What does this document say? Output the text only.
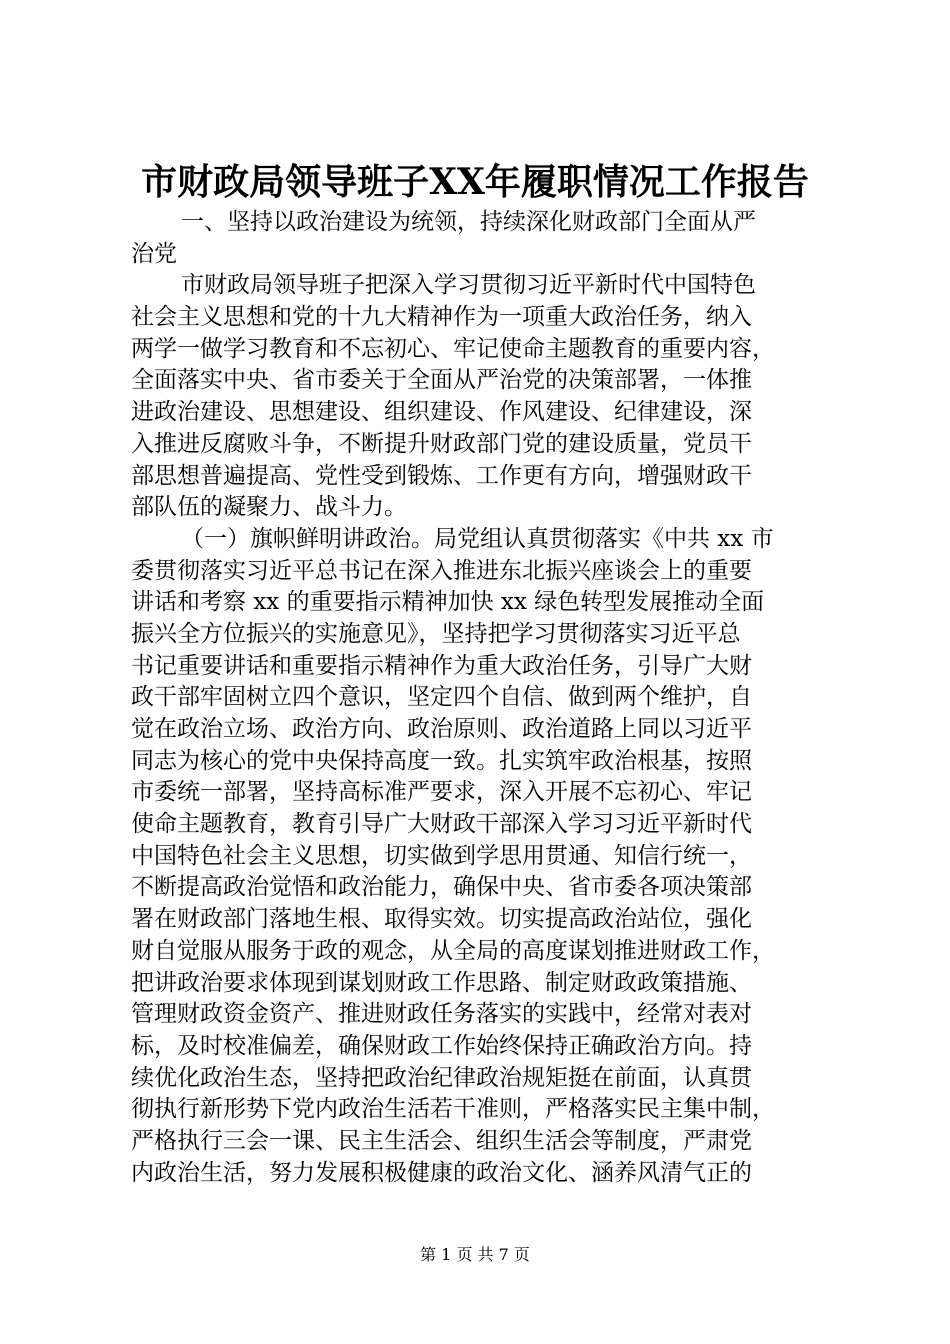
市财政局领导班子XX年履职情况工作报告
一、坚持以政治建设为统领，持续深化财政部门全面从严
治党
市财政局领导班子把深入学习贯彻习近平新时代中国特色
社会主义思想和党的十九大精神作为一项重大政治任务，纳入
两学一做学习教育和不忘初心、牢记使命主题教育的重要内容，
全面落实中央、省市委关于全面从严治党的决策部署，一体推
进政治建设、思想建设、组织建设、作风建设、纪律建设，深
入推进反腐败斗争，不断提升财政部门党的建设质量，党员干
部思想普遍提高、党性受到锻炼、工作更有方向，增强财政干
部队伍的凝聚力、战斗力。
（一）旗帜鲜明讲政治。局党组认真贯彻落实《中共 xx 市
委贯彻落实习近平总书记在深入推进东北振兴座谈会上的重要
讲话和考察 xx 的重要指示精神加快 xx 绿色转型发展推动全面
振兴全方位振兴的实施意见》，坚持把学习贯彻落实习近平总
书记重要讲话和重要指示精神作为重大政治任务，引导广大财
政干部牢固树立四个意识，坚定四个自信、做到两个维护，自
觉在政治立场、政治方向、政治原则、政治道路上同以习近平
同志为核心的党中央保持高度一致。扎实筑牢政治根基，按照
市委统一部署，坚持高标准严要求，深入开展不忘初心、牢记
使命主题教育，教育引导广大财政干部深入学习习近平新时代
中国特色社会主义思想，切实做到学思用贯通、知信行统一，
不断提高政治觉悟和政治能力，确保中央、省市委各项决策部
署在财政部门落地生根、取得实效。切实提高政治站位，强化
财自觉服从服务于政的观念，从全局的高度谋划推进财政工作，
把讲政治要求体现到谋划财政工作思路、制定财政政策措施、
管理财政资金资产、推进财政任务落实的实践中，经常对表对
标，及时校准偏差，确保财政工作始终保持正确政治方向。持
续优化政治生态，坚持把政治纪律政治规矩挺在前面，认真贯
彻执行新形势下党内政治生活若干准则，严格落实民主集中制，
严格执行三会一课、民主生活会、组织生活会等制度，严肃党
内政治生活，努力发展积极健康的政治文化、涵养风清气正的
第 1 页 共 7 页
